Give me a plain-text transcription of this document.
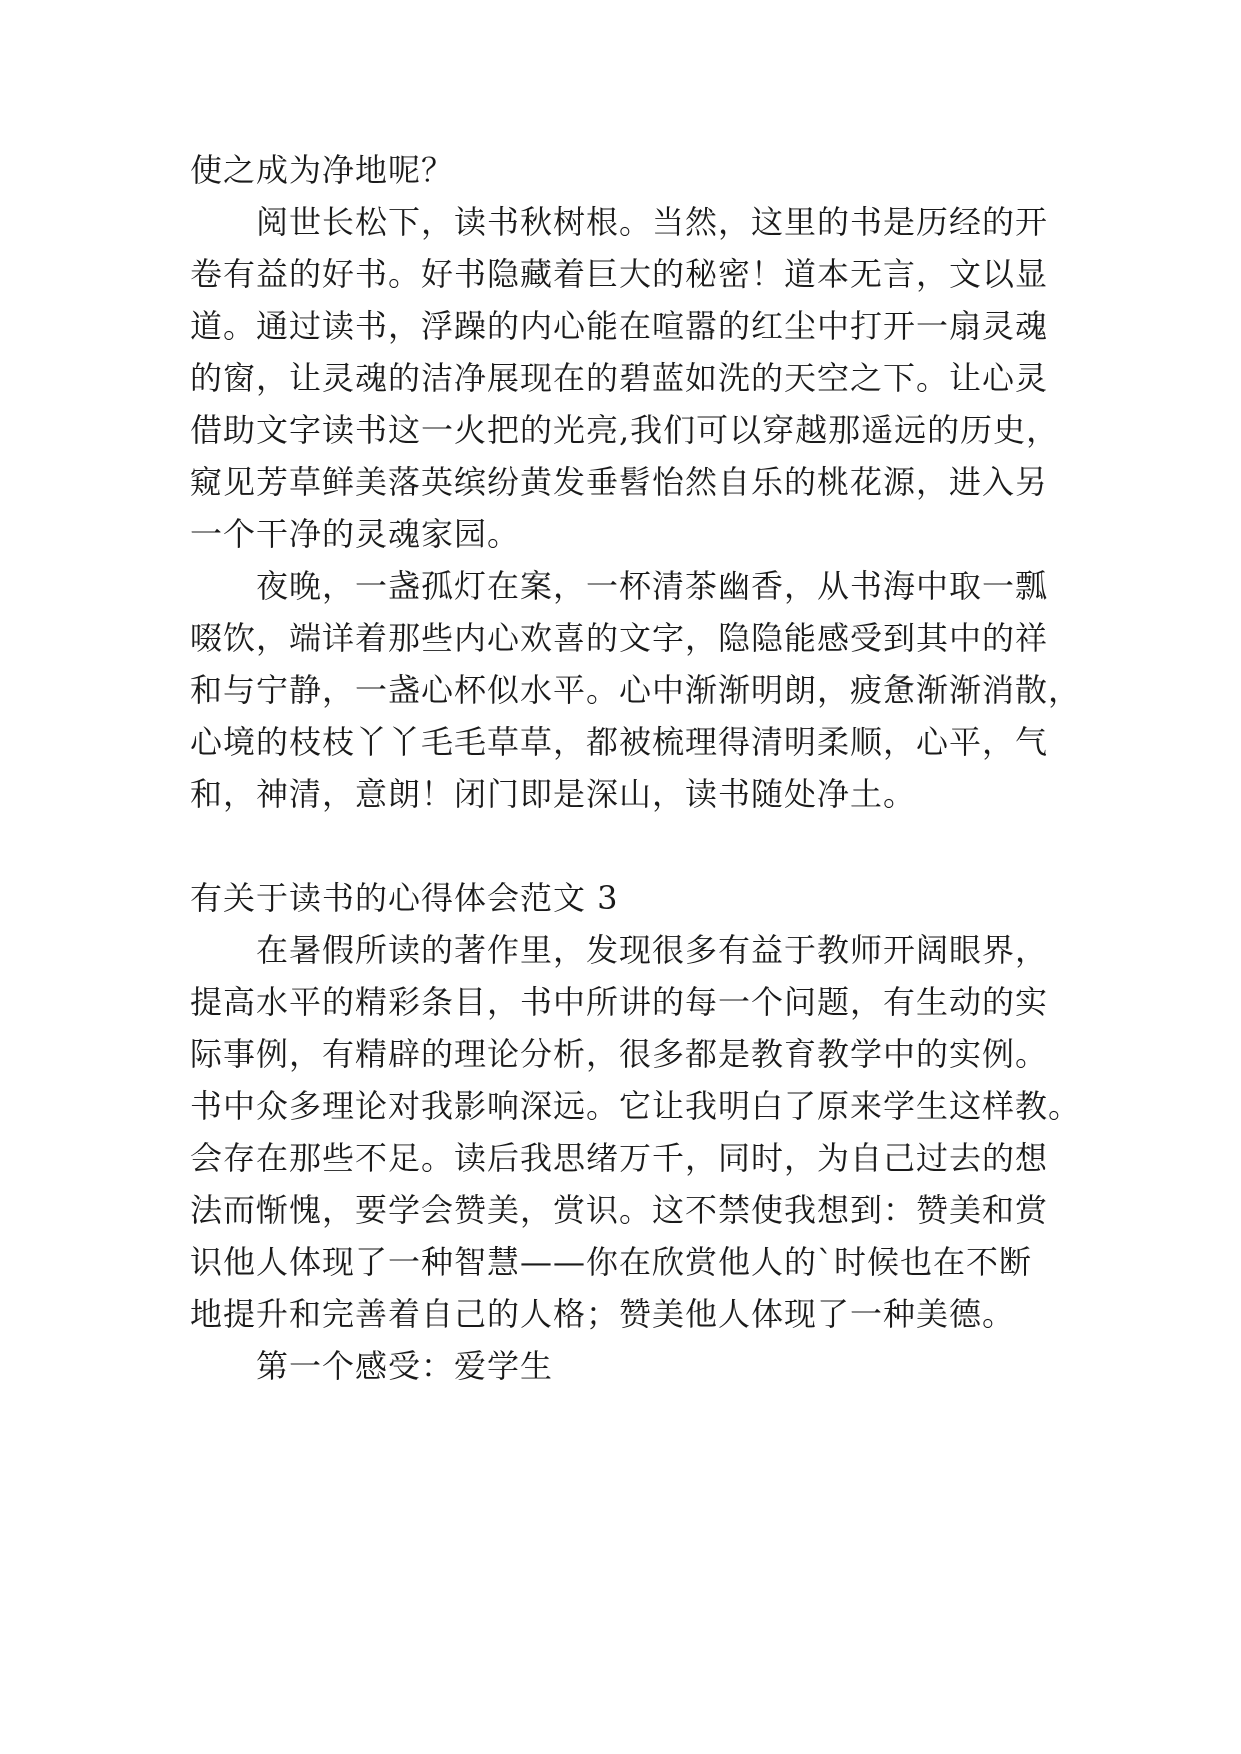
使之成为净地呢？
阅世长松下，读书秋树根。当然，这里的书是历经的开
卷有益的好书。好书隐藏着巨大的秘密！道本无言，文以显
道。通过读书，浮躁的内心能在喧嚣的红尘中打开一扇灵魂
的窗，让灵魂的洁净展现在的碧蓝如洗的天空之下。让心灵
借助文字读书这一火把的光亮,我们可以穿越那遥远的历史，
窥见芳草鲜美落英缤纷黄发垂髫怡然自乐的桃花源，进入另
一个干净的灵魂家园。
夜晚，一盏孤灯在案，一杯清茶幽香，从书海中取一瓢
啜饮，端详着那些内心欢喜的文字，隐隐能感受到其中的祥
和与宁静，一盏心杯似水平。心中渐渐明朗，疲惫渐渐消散，
心境的枝枝丫丫毛毛草草，都被梳理得清明柔顺，心平，气
和，神清，意朗！闭门即是深山，读书随处净土。
有关于读书的心得体会范文 3
在暑假所读的著作里，发现很多有益于教师开阔眼界，
提高水平的精彩条目，书中所讲的每一个问题，有生动的实
际事例，有精辟的理论分析，很多都是教育教学中的实例。
书中众多理论对我影响深远。它让我明白了原来学生这样教。
会存在那些不足。读后我思绪万千，同时，为自己过去的想
法而惭愧，要学会赞美，赏识。这不禁使我想到：赞美和赏
识他人体现了一种智慧——你在欣赏他人的`时候也在不断
地提升和完善着自己的人格；赞美他人体现了一种美德。
第一个感受：爱学生
